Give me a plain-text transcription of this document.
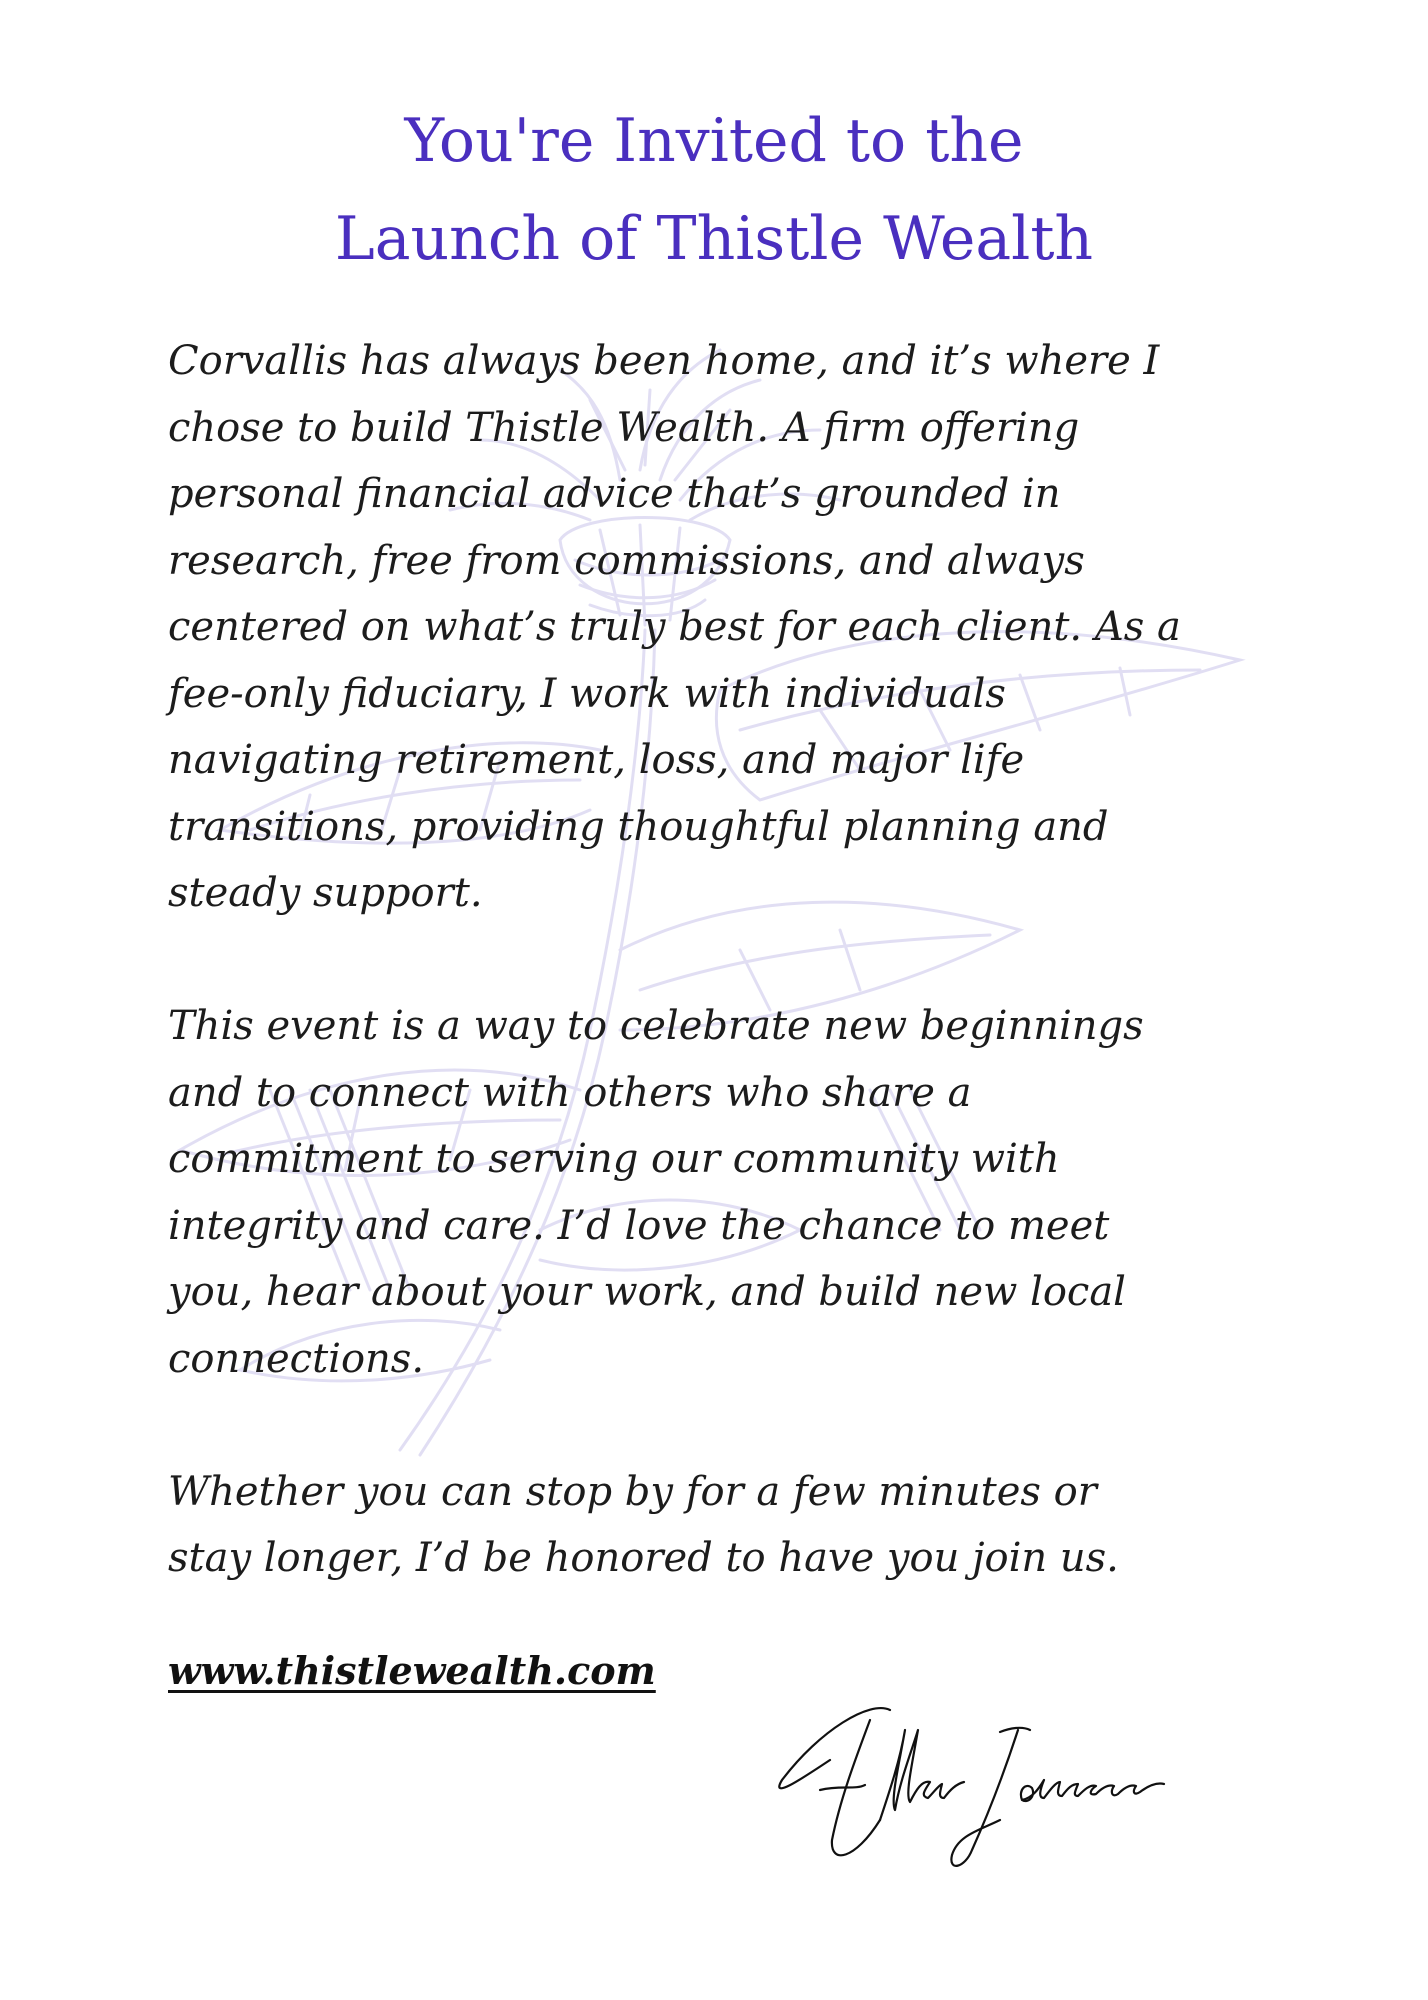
You're Invited to the
Launch of Thistle Wealth

Corvallis has always been home, and it’s where I
chose to build Thistle Wealth. A firm offering
personal financial advice that’s grounded in
research, free from commissions, and always
centered on what’s truly best for each client. As a
fee-only fiduciary, I work with individuals
navigating retirement, loss, and major life
transitions, providing thoughtful planning and
steady support.

This event is a way to celebrate new beginnings
and to connect with others who share a
commitment to serving our community with
integrity and care. I’d love the chance to meet
you, hear about your work, and build new local
connections.

Whether you can stop by for a few minutes or
stay longer, I’d be honored to have you join us.

www.thistlewealth.com
